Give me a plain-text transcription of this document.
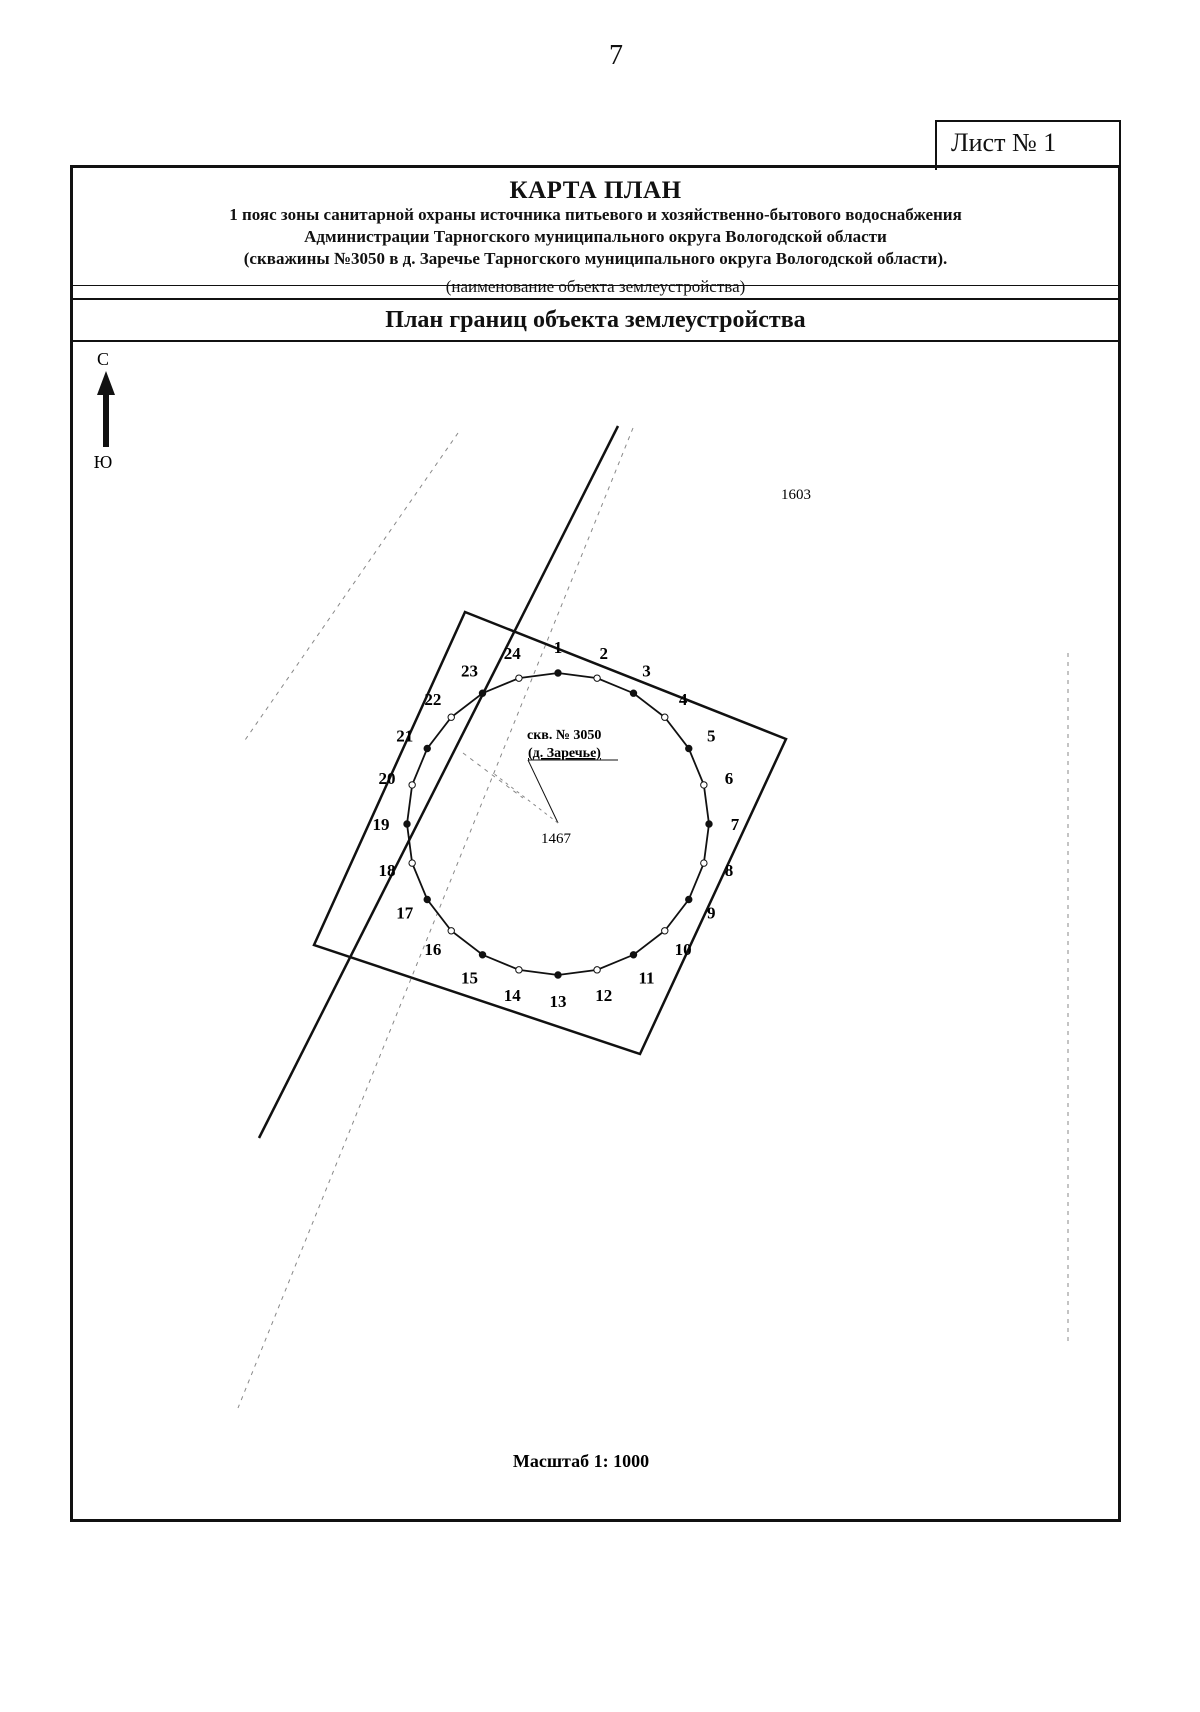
7
Лист № 1
КАРТА ПЛАН
1 пояс зоны санитарной охраны источника питьевого и хозяйственно-бытового водоснабжения
Администрации Тарногского муниципального округа Вологодской области
(скважины №3050 в д. Заречье Тарногского муниципального округа Вологодской области).
(наименование объекта землеустройства)
План границ объекта землеустройства
С
Ю
1603
1467
скв. № 3050
(д. Заречье)
1 2
3
4
5
6
7
8
9
10
11
12
13
14
15
16
17
18
19
20
21
22
23
24
Масштаб 1: 1000
